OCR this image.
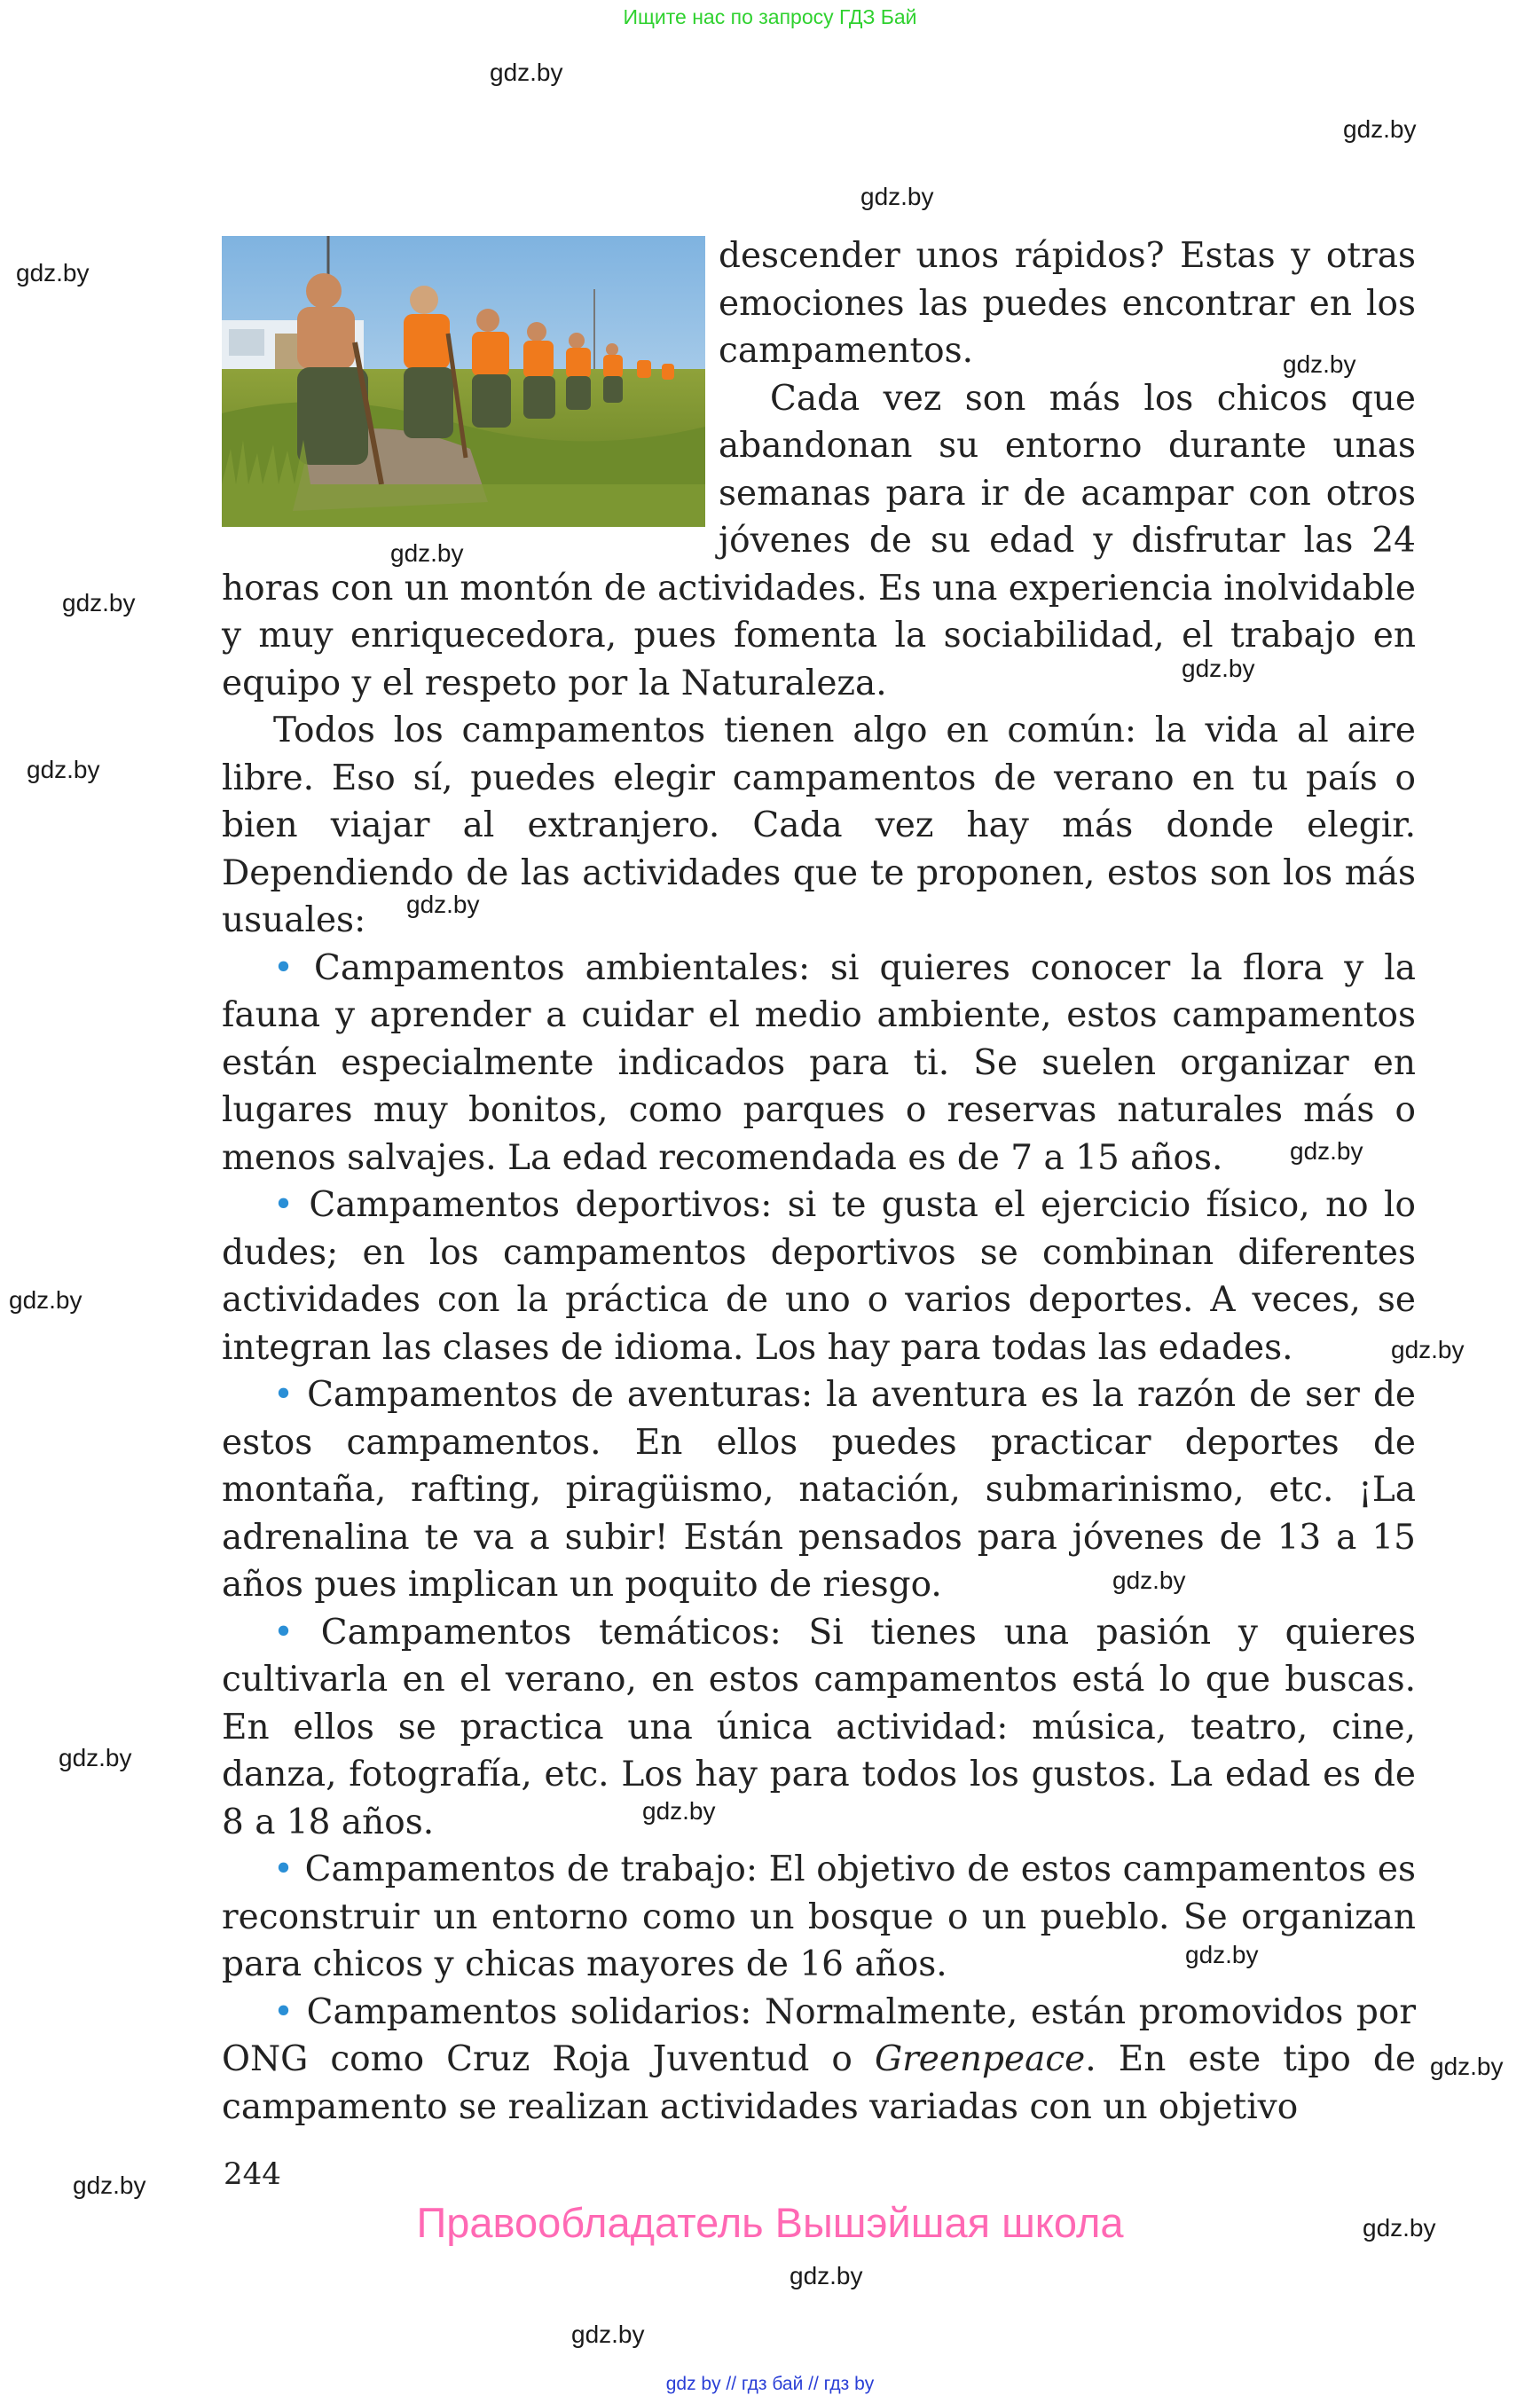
Ищите нас по запросу ГДЗ Бай
gdz.by
gdz.by
gdz.by
gdz.by
gdz.by
gdz.by
gdz.by
gdz.by
gdz.by
gdz.by
gdz.by
gdz.by
gdz.by
gdz.by
gdz.by
gdz.by
gdz.by
gdz.by
gdz.by
gdz.by
gdz.by
gdz.by

descender unos rápidos? Estas y otras emociones las puedes encontrar en los campamentos.

Cada vez son más los chicos que abandonan su entorno durante unas semanas para ir de acampar con otros jóvenes de su edad y disfrutar las 24 horas con un montón de actividades. Es una experiencia inolvidable y muy enriquecedora, pues fomenta la sociabilidad, el trabajo en equipo y el respeto por la Naturaleza.

Todos los campamentos tienen algo en común: la vida al aire libre. Eso sí, puedes elegir campamentos de verano en tu país o bien viajar al extranjero. Cada vez hay más donde elegir. Dependiendo de las actividades que te proponen, estos son los más usuales:

• Campamentos ambientales: si quieres conocer la flora y la fauna y aprender a cuidar el medio ambiente, estos campamentos están especialmente indicados para ti. Se suelen organizar en lugares muy bonitos, como parques o reservas naturales más o menos salvajes. La edad recomendada es de 7 a 15 años.

• Campamentos deportivos: si te gusta el ejercicio físico, no lo dudes; en los campamentos deportivos se combinan diferentes actividades con la práctica de uno o varios deportes. A veces, se integran las clases de idioma. Los hay para todas las edades.

• Campamentos de aventuras: la aventura es la razón de ser de estos campamentos. En ellos puedes practicar deportes de montaña, rafting, piragüismo, natación, submarinismo, etc. ¡La adrenalina te va a subir! Están pensados para jóvenes de 13 a 15 años pues implican un poquito de riesgo.

• Campamentos temáticos: Si tienes una pasión y quieres cultivarla en el verano, en estos campamentos está lo que buscas. En ellos se practica una única actividad: música, teatro, cine, danza, fotografía, etc. Los hay para todos los gustos. La edad es de 8 a 18 años.

• Campamentos de trabajo: El objetivo de estos campamentos es reconstruir un entorno como un bosque o un pueblo. Se organizan para chicos y chicas mayores de 16 años.

• Campamentos solidarios: Normalmente, están promovidos por ONG como Cruz Roja Juventud o Greenpeace. En este tipo de campamento se realizan actividades variadas con un objetivo

244
Правообладатель Вышэйшая школа
gdz by // гдз бай // гдз by
